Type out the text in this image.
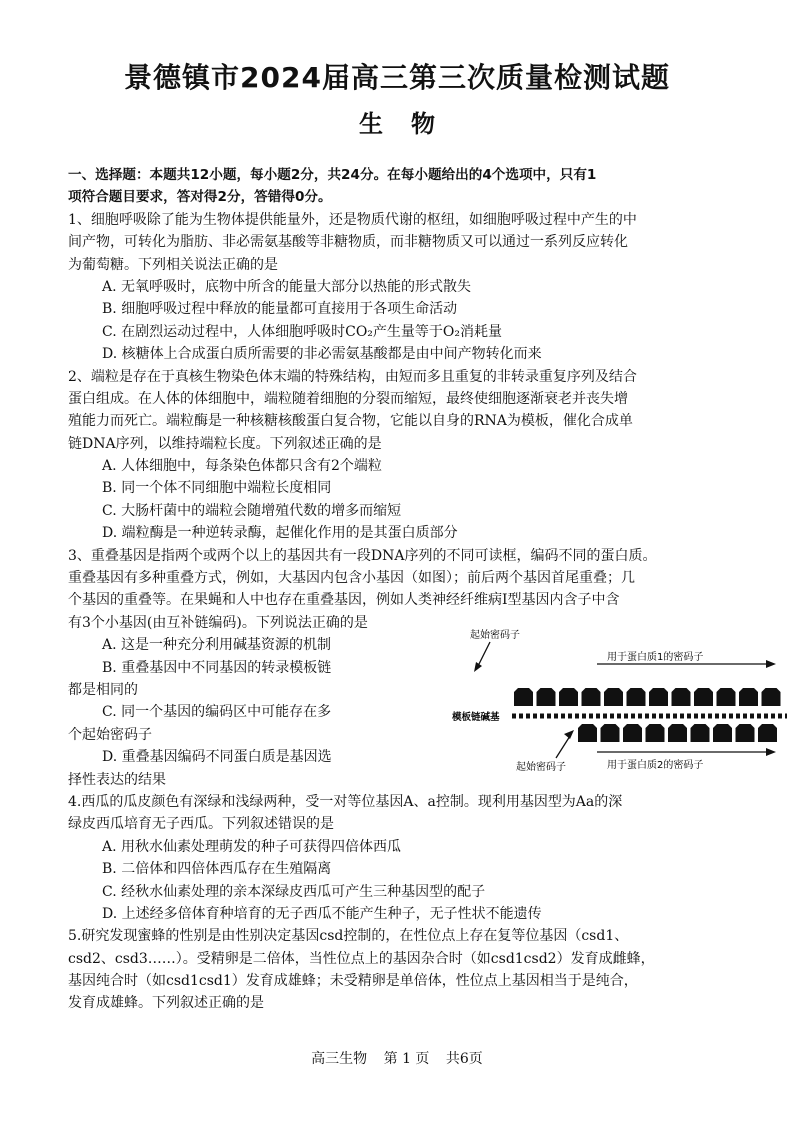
景德镇市2024届高三第三次质量检测试题
生物
一、选择题：本题共12小题，每小题2分，共24分。在每小题给出的4个选项中，只有1
项符合题目要求，答对得2分，答错得0分。
1、细胞呼吸除了能为生物体提供能量外，还是物质代谢的枢纽，如细胞呼吸过程中产生的中
间产物，可转化为脂肪、非必需氨基酸等非糖物质，而非糖物质又可以通过一系列反应转化
为葡萄糖。下列相关说法正确的是
A. 无氧呼吸时，底物中所含的能量大部分以热能的形式散失
B. 细胞呼吸过程中释放的能量都可直接用于各项生命活动
C. 在剧烈运动过程中，人体细胞呼吸时CO₂产生量等于O₂消耗量
D. 核糖体上合成蛋白质所需要的非必需氨基酸都是由中间产物转化而来
2、端粒是存在于真核生物染色体末端的特殊结构，由短而多且重复的非转录重复序列及结合
蛋白组成。在人体的体细胞中，端粒随着细胞的分裂而缩短，最终使细胞逐渐衰老并丧失增
殖能力而死亡。端粒酶是一种核糖核酸蛋白复合物，它能以自身的RNA为模板，催化合成单
链DNA序列，以维持端粒长度。下列叙述正确的是
A. 人体细胞中，每条染色体都只含有2个端粒
B. 同一个体不同细胞中端粒长度相同
C. 大肠杆菌中的端粒会随增殖代数的增多而缩短
D. 端粒酶是一种逆转录酶，起催化作用的是其蛋白质部分
3、重叠基因是指两个或两个以上的基因共有一段DNA序列的不同可读框，编码不同的蛋白质。
重叠基因有多种重叠方式，例如，大基因内包含小基因（如图）；前后两个基因首尾重叠；几
个基因的重叠等。在果蝇和人中也存在重叠基因，例如人类神经纤维病Ⅰ型基因内含子中含
有3个小基因(由互补链编码)。下列说法正确的是
A. 这是一种充分利用碱基资源的机制
B. 重叠基因中不同基因的转录模板链
都是相同的
C. 同一个基因的编码区中可能存在多
个起始密码子
D. 重叠基因编码不同蛋白质是基因选
择性表达的结果
起始密码子
用于蛋白质1的密码子
模板链碱基
用于蛋白质2的密码子
起始密码子
4.西瓜的瓜皮颜色有深绿和浅绿两种，受一对等位基因A、a控制。现利用基因型为Aa的深
绿皮西瓜培育无子西瓜。下列叙述错误的是
A. 用秋水仙素处理萌发的种子可获得四倍体西瓜
B. 二倍体和四倍体西瓜存在生殖隔离
C. 经秋水仙素处理的亲本深绿皮西瓜可产生三种基因型的配子
D. 上述经多倍体育种培育的无子西瓜不能产生种子，无子性状不能遗传
5.研究发现蜜蜂的性别是由性别决定基因csd控制的，在性位点上存在复等位基因（csd1、
csd2、csd3……）。受精卵是二倍体，当性位点上的基因杂合时（如csd1csd2）发育成雌蜂，
基因纯合时（如csd1csd1）发育成雄蜂；未受精卵是单倍体，性位点上基因相当于是纯合，
发育成雄蜂。下列叙述正确的是
高三生物 第 1 页 共6页
